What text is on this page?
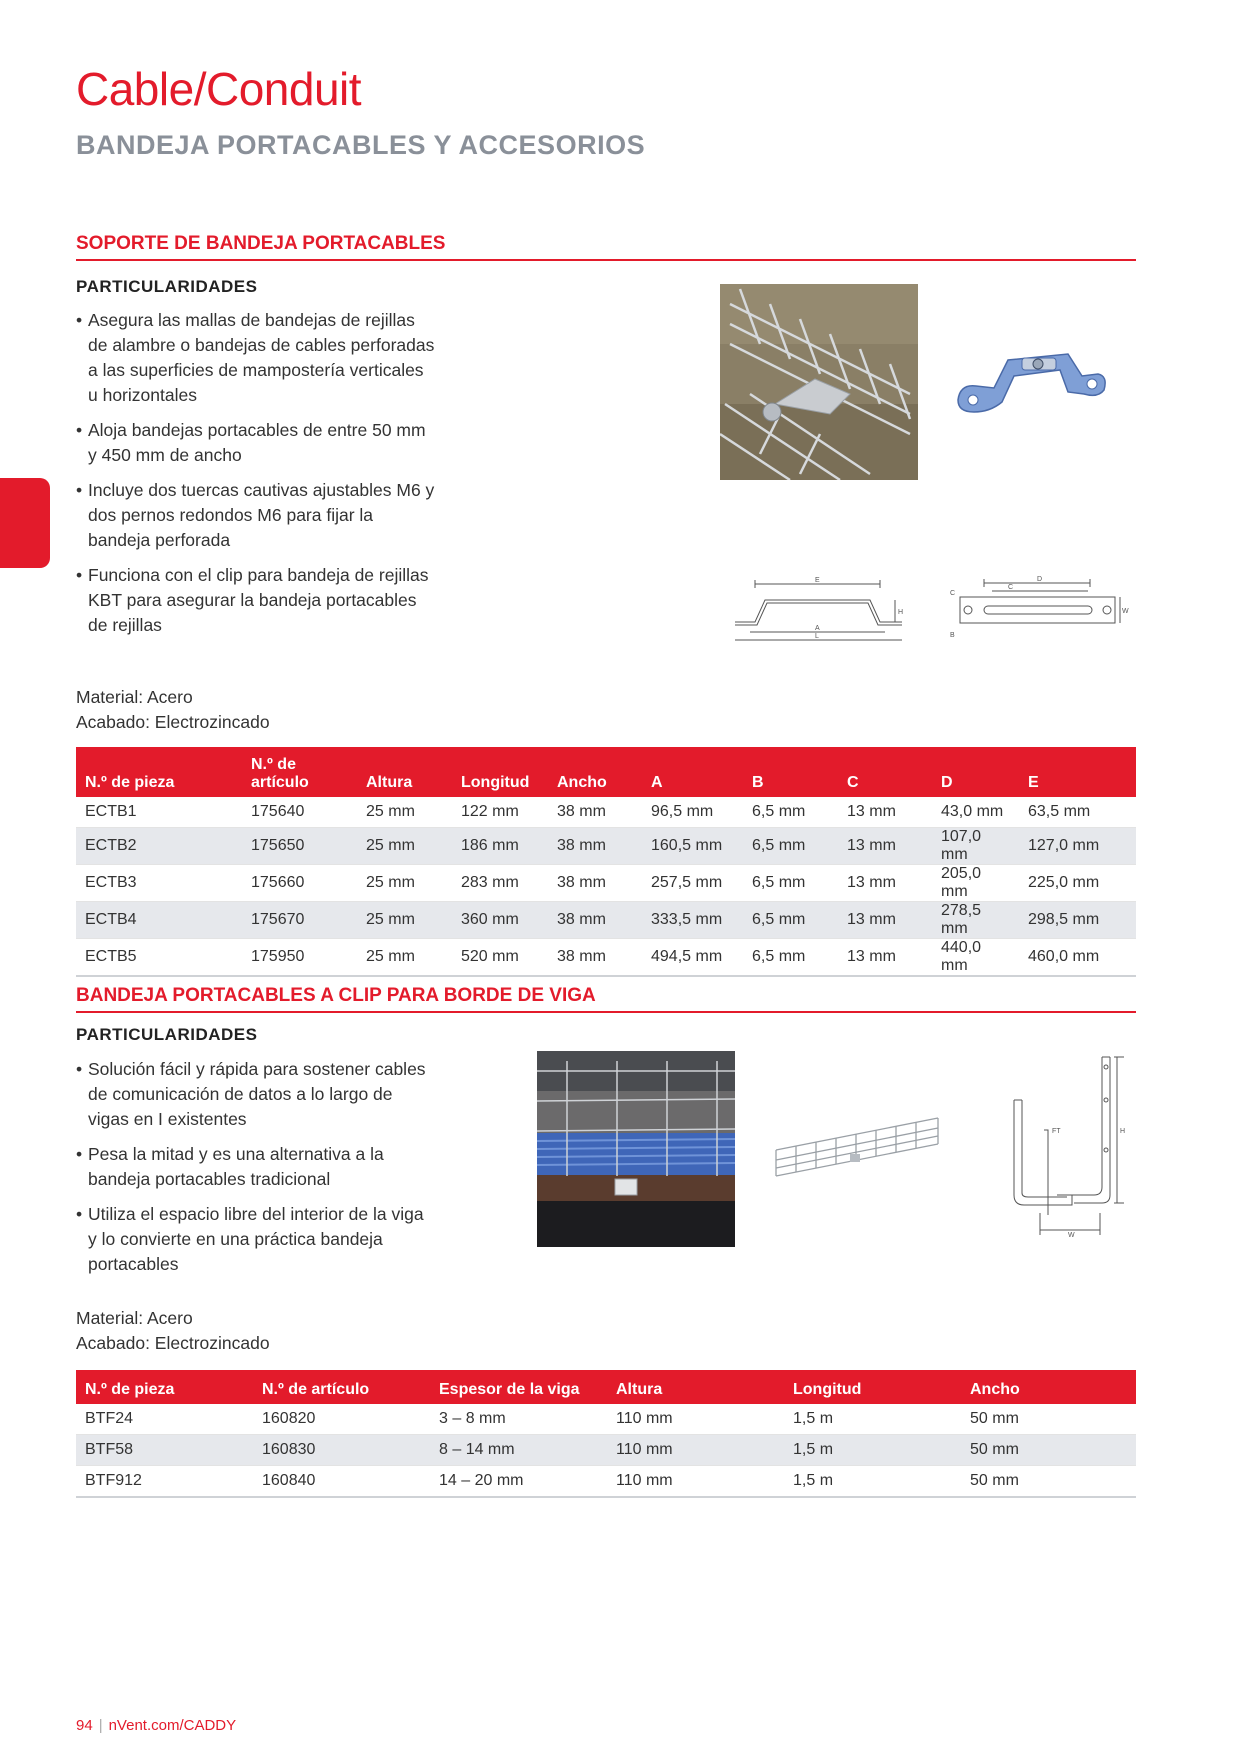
Cable/Conduit
BANDEJA PORTACABLES Y ACCESORIOS
SOPORTE DE BANDEJA PORTACABLES
PARTICULARIDADES
• Asegura las mallas de bandejas de rejillas de alambre o bandejas de cables perforadas a las superficies de mampostería verticales u horizontales
• Aloja bandejas portacables de entre 50 mm y 450 mm de ancho
• Incluye dos tuercas cautivas ajustables M6 y dos pernos redondos M6 para fijar la bandeja perforada
• Funciona con el clip para bandeja de rejillas KBT para asegurar la bandeja portacables de rejillas
E
A
L
H
D
C
C
B
W
Material: Acero
Acabado: Electrozincado
N.º de pieza	N.º de artículo	Altura	Longitud	Ancho	A	B	C	D	E
ECTB1	175640	25 mm	122 mm	38 mm	96,5 mm	6,5 mm	13 mm	43,0 mm	63,5 mm
ECTB2	175650	25 mm	186 mm	38 mm	160,5 mm	6,5 mm	13 mm	107,0 mm	127,0 mm
ECTB3	175660	25 mm	283 mm	38 mm	257,5 mm	6,5 mm	13 mm	205,0 mm	225,0 mm
ECTB4	175670	25 mm	360 mm	38 mm	333,5 mm	6,5 mm	13 mm	278,5 mm	298,5 mm
ECTB5	175950	25 mm	520 mm	38 mm	494,5 mm	6,5 mm	13 mm	440,0 mm	460,0 mm
BANDEJA PORTACABLES A CLIP PARA BORDE DE VIGA
PARTICULARIDADES
• Solución fácil y rápida para sostener cables de comunicación de datos a lo largo de vigas en I existentes
• Pesa la mitad y es una alternativa a la bandeja portacables tradicional
• Utiliza el espacio libre del interior de la viga y lo convierte en una práctica bandeja portacables
FT	H
W
Material: Acero
Acabado: Electrozincado
N.º de pieza	N.º de artículo	Espesor de la viga	Altura	Longitud	Ancho
BTF24	160820	3 – 8 mm	110 mm	1,5 m	50 mm
BTF58	160830	8 – 14 mm	110 mm	1,5 m	50 mm
BTF912	160840	14 – 20 mm	110 mm	1,5 m	50 mm
94 | nVent.com/CADDY
